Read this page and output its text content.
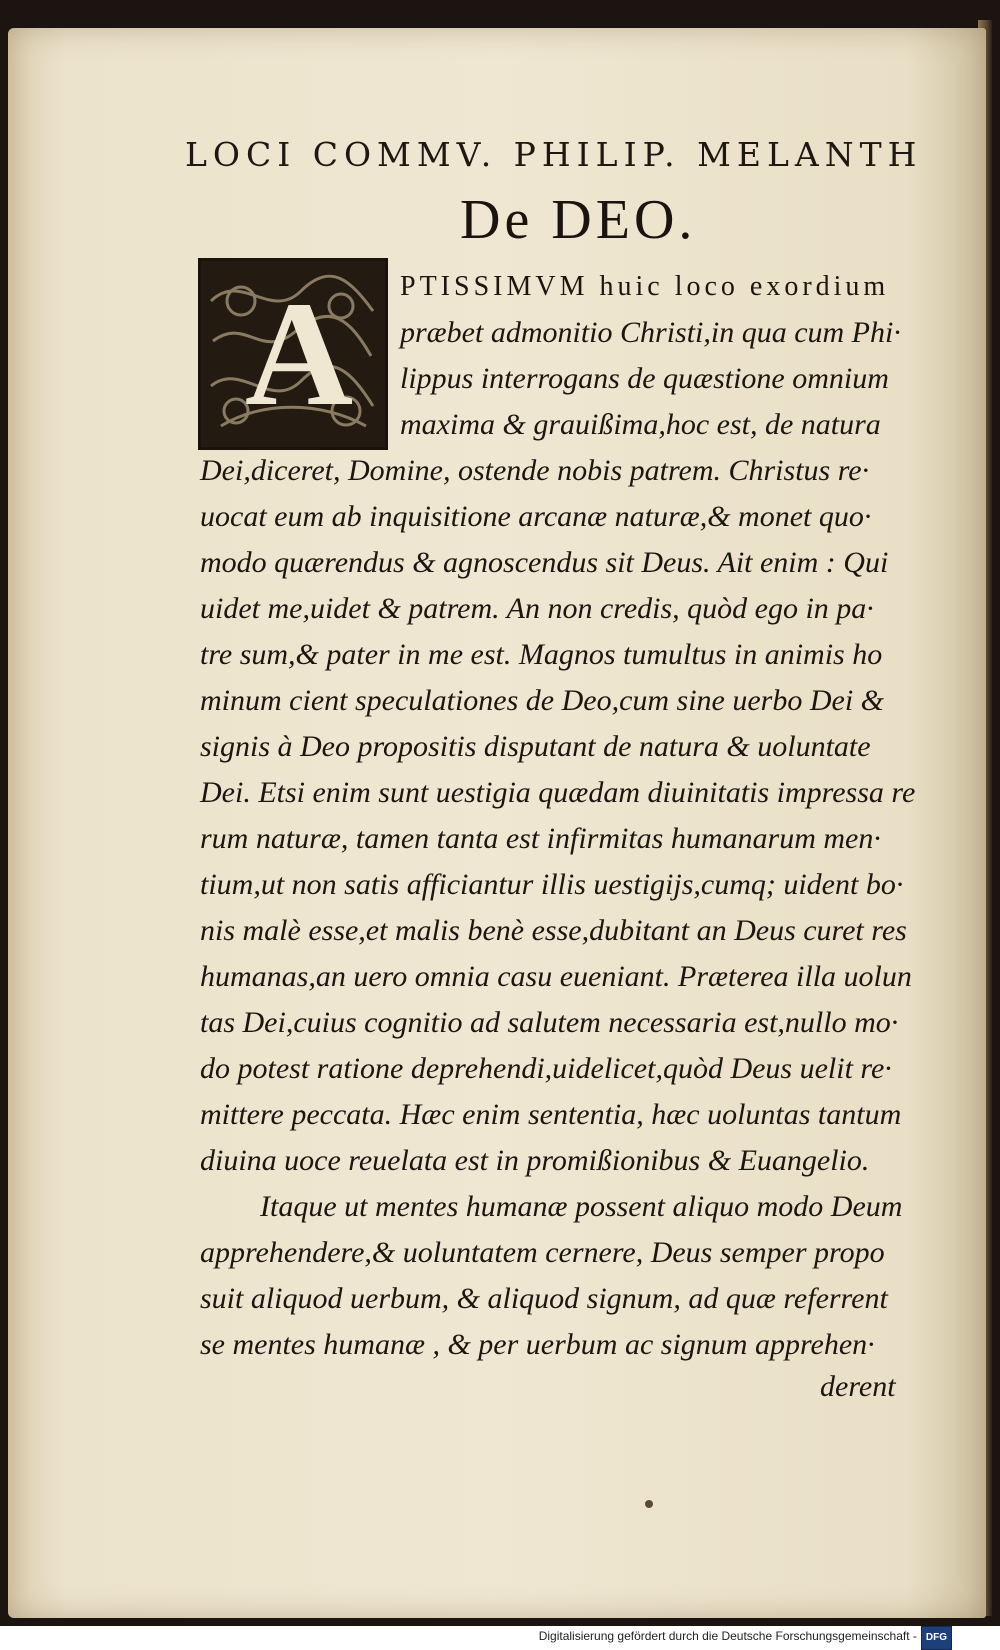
LOCI COMMV. PHILIP. MELANTH
De DEO.
A	PTISSIMVM huic loco exordium
præbet admonitio Christi,in qua cum Phi·
lippus interrogans de quæstione omnium
maxima & grauißima,hoc est, de natura
Dei,diceret, Domine, ostende nobis patrem. Christus re·
uocat eum ab inquisitione arcanæ naturæ,& monet quo·
modo quærendus & agnoscendus sit Deus. Ait enim : Qui
uidet me,uidet & patrem. An non credis, quòd ego in pa·
tre sum,& pater in me est. Magnos tumultus in animis ho
minum cient speculationes de Deo,cum sine uerbo Dei &
signis à Deo propositis disputant de natura & uoluntate
Dei. Etsi enim sunt uestigia quædam diuinitatis impressa re
rum naturæ, tamen tanta est infirmitas humanarum men·
tium,ut non satis afficiantur illis uestigijs,cumq; uident bo·
nis malè esse,et malis benè esse,dubitant an Deus curet res
humanas,an uero omnia casu eueniant. Præterea illa uolun
tas Dei,cuius cognitio ad salutem necessaria est,nullo mo·
do potest ratione deprehendi,uidelicet,quòd Deus uelit re·
mittere peccata. Hæc enim sententia, hæc uoluntas tantum
diuina uoce reuelata est in promißionibus & Euangelio.
Itaque ut mentes humanæ possent aliquo modo Deum
apprehendere,& uoluntatem cernere, Deus semper propo
suit aliquod uerbum, & aliquod signum, ad quæ referrent
se mentes humanæ , & per uerbum ac signum apprehen·
derent
Digitalisierung gefördert durch die Deutsche Forschungsgemeinschaft - DFG
